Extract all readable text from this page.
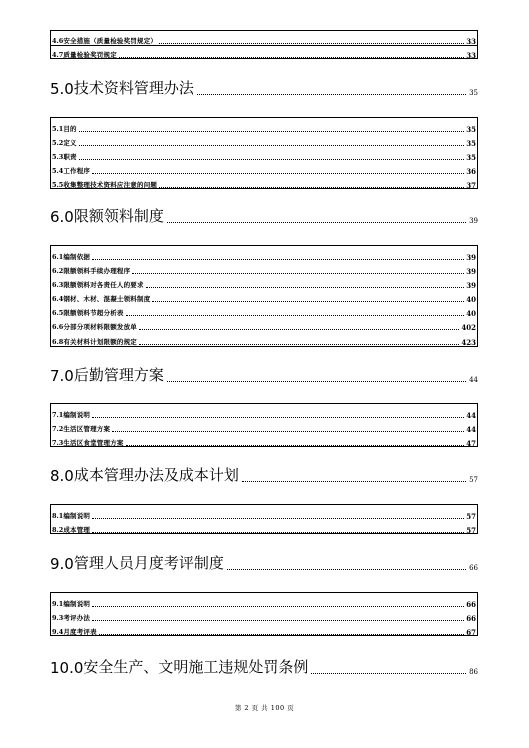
4.6 安全措施（质量检验奖罚规定）	33
4.7 质量检验奖罚规定	33
5.0 技术资料管理办法	35
5.1 目的	35
5.2 定义	35
5.3 职责	35
5.4 工作程序	36
5.5 收集整理技术资料应注意的问题	37
6.0 限额领料制度	39
6.1 编制依据	39
6.2 限额领料手续办理程序	39
6.3 限额领料对各责任人的要求	39
6.4 钢材、木材、混凝土领料制度	40
6.5 限额领料节超分析表	40
6.6 分部分项材料限额发放单	402
6.8 有关材料计划限额的规定	423
7.0 后勤管理方案	44
7.1 编制说明	44
7.2 生活区管理方案	44
7.3 生活区食堂管理方案	47
8.0 成本管理办法及成本计划	57
8.1 编制说明	57
8.2 成本管理	57
9.0 管理人员月度考评制度	66
9.1 编制说明	66
9.3 考评办法	66
9.4 月度考评表	67
10.0 安全生产、文明施工违规处罚条例	86
第 2 页 共 100 页
